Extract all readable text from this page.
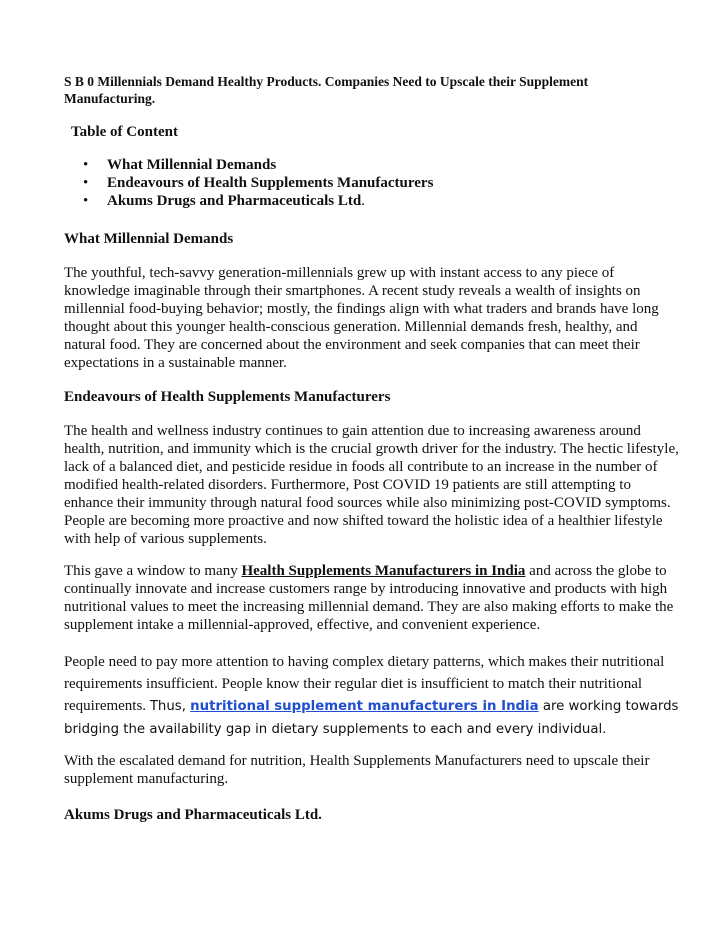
S B 0 Millennials Demand Healthy Products. Companies Need to Upscale their Supplement Manufacturing.
Table of Content
• What Millennial Demands
• Endeavours of Health Supplements Manufacturers
• Akums Drugs and Pharmaceuticals Ltd.
What Millennial Demands

The youthful, tech-savvy generation-millennials grew up with instant access to any piece of knowledge imaginable through their smartphones. A recent study reveals a wealth of insights on millennial food-buying behavior; mostly, the findings align with what traders and brands have long thought about this younger health-conscious generation. Millennial demands fresh, healthy, and natural food. They are concerned about the environment and seek companies that can meet their expectations in a sustainable manner.

Endeavours of Health Supplements Manufacturers

The health and wellness industry continues to gain attention due to increasing awareness around health, nutrition, and immunity which is the crucial growth driver for the industry. The hectic lifestyle, lack of a balanced diet, and pesticide residue in foods all contribute to an increase in the number of modified health-related disorders. Furthermore, Post COVID 19 patients are still attempting to enhance their immunity through natural food sources while also minimizing post-COVID symptoms. People are becoming more proactive and now shifted toward the holistic idea of a healthier lifestyle with help of various supplements.

This gave a window to many Health Supplements Manufacturers in India and across the globe to continually innovate and increase customers range by introducing innovative and products with high nutritional values to meet the increasing millennial demand. They are also making efforts to make the supplement intake a millennial-approved, effective, and convenient experience.

People need to pay more attention to having complex dietary patterns, which makes their nutritional requirements insufficient. People know their regular diet is insufficient to match their nutritional requirements. Thus, nutritional supplement manufacturers in India are working towards bridging the availability gap in dietary supplements to each and every individual.

With the escalated demand for nutrition, Health Supplements Manufacturers need to upscale their supplement manufacturing.

Akums Drugs and Pharmaceuticals Ltd.
